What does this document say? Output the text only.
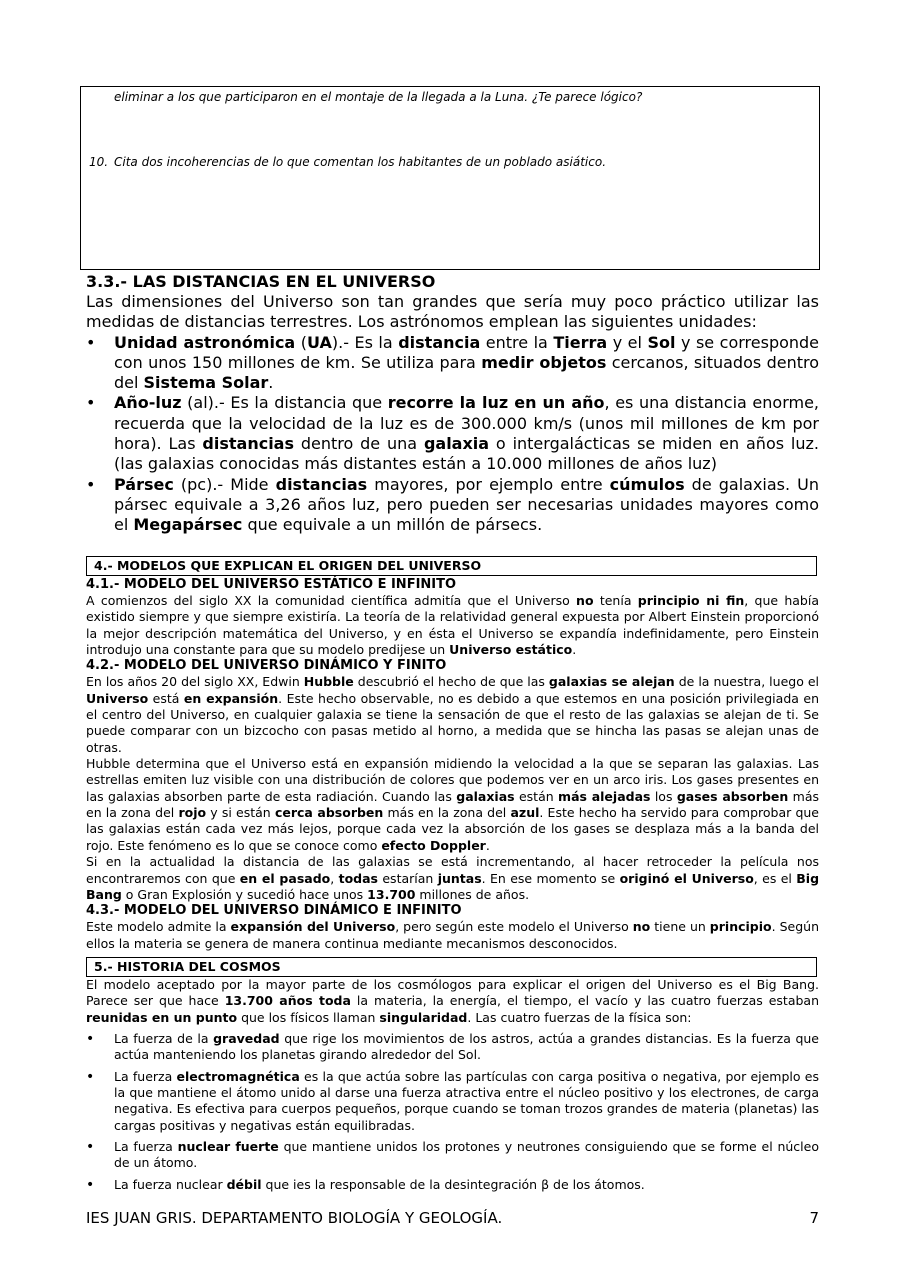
eliminar a los que participaron en el montaje de la llegada a la Luna. ¿Te parece lógico?
10. Cita dos incoherencias de lo que comentan los habitantes de un poblado asiático.
3.3.- LAS DISTANCIAS EN EL UNIVERSO

Las dimensiones del Universo son tan grandes que sería muy poco práctico utilizar las medidas de distancias terrestres. Los astrónomos emplean las siguientes unidades:

• Unidad astronómica (UA).- Es la distancia entre la Tierra y el Sol y se corresponde con unos 150 millones de km. Se utiliza para medir objetos cercanos, situados dentro del Sistema Solar.
• Año-luz (al).- Es la distancia que recorre la luz en un año, es una distancia enorme, recuerda que la velocidad de la luz es de 300.000 km/s (unos mil millones de km por hora). Las distancias dentro de una galaxia o intergalácticas se miden en años luz. (las galaxias conocidas más distantes están a 10.000 millones de años luz)
• Pársec (pc).- Mide distancias mayores, por ejemplo entre cúmulos de galaxias. Un pársec equivale a 3,26 años luz, pero pueden ser necesarias unidades mayores como el Megapársec que equivale a un millón de pársecs.
4.- MODELOS QUE EXPLICAN EL ORIGEN DEL UNIVERSO
4.1.- MODELO DEL UNIVERSO ESTÁTICO E INFINITO

A comienzos del siglo XX la comunidad científica admitía que el Universo no tenía principio ni fin, que había existido siempre y que siempre existiría. La teoría de la relatividad general expuesta por Albert Einstein proporcionó la mejor descripción matemática del Universo, y en ésta el Universo se expandía indefinidamente, pero Einstein introdujo una constante para que su modelo predijese un Universo estático.

4.2.- MODELO DEL UNIVERSO DINÁMICO Y FINITO

En los años 20 del siglo XX, Edwin Hubble descubrió el hecho de que las galaxias se alejan de la nuestra, luego el Universo está en expansión. Este hecho observable, no es debido a que estemos en una posición privilegiada en el centro del Universo, en cualquier galaxia se tiene la sensación de que el resto de las galaxias se alejan de ti. Se puede comparar con un bizcocho con pasas metido al horno, a medida que se hincha las pasas se alejan unas de otras.

Hubble determina que el Universo está en expansión midiendo la velocidad a la que se separan las galaxias. Las estrellas emiten luz visible con una distribución de colores que podemos ver en un arco iris. Los gases presentes en las galaxias absorben parte de esta radiación. Cuando las galaxias están más alejadas los gases absorben más en la zona del rojo y si están cerca absorben más en la zona del azul. Este hecho ha servido para comprobar que las galaxias están cada vez más lejos, porque cada vez la absorción de los gases se desplaza más a la banda del rojo. Este fenómeno es lo que se conoce como efecto Doppler.

Si en la actualidad la distancia de las galaxias se está incrementando, al hacer retroceder la película nos encontraremos con que en el pasado, todas estarían juntas. En ese momento se originó el Universo, es el Big Bang o Gran Explosión y sucedió hace unos 13.700 millones de años.

4.3.- MODELO DEL UNIVERSO DINÁMICO E INFINITO

Este modelo admite la expansión del Universo, pero según este modelo el Universo no tiene un principio. Según ellos la materia se genera de manera continua mediante mecanismos desconocidos.

5.- HISTORIA DEL COSMOS

El modelo aceptado por la mayor parte de los cosmólogos para explicar el origen del Universo es el Big Bang. Parece ser que hace 13.700 años toda la materia, la energía, el tiempo, el vacío y las cuatro fuerzas estaban reunidas en un punto que los físicos llaman singularidad. Las cuatro fuerzas de la física son:

• La fuerza de la gravedad que rige los movimientos de los astros, actúa a grandes distancias. Es la fuerza que actúa manteniendo los planetas girando alrededor del Sol.
• La fuerza electromagnética es la que actúa sobre las partículas con carga positiva o negativa, por ejemplo es la que mantiene el átomo unido al darse una fuerza atractiva entre el núcleo positivo y los electrones, de carga negativa. Es efectiva para cuerpos pequeños, porque cuando se toman trozos grandes de materia (planetas) las cargas positivas y negativas están equilibradas.
• La fuerza nuclear fuerte que mantiene unidos los protones y neutrones consiguiendo que se forme el núcleo de un átomo.
• La fuerza nuclear débil que ies la responsable de la desintegración β de los átomos.
IES JUAN GRIS. DEPARTAMENTO BIOLOGÍA Y GEOLOGÍA.	7
